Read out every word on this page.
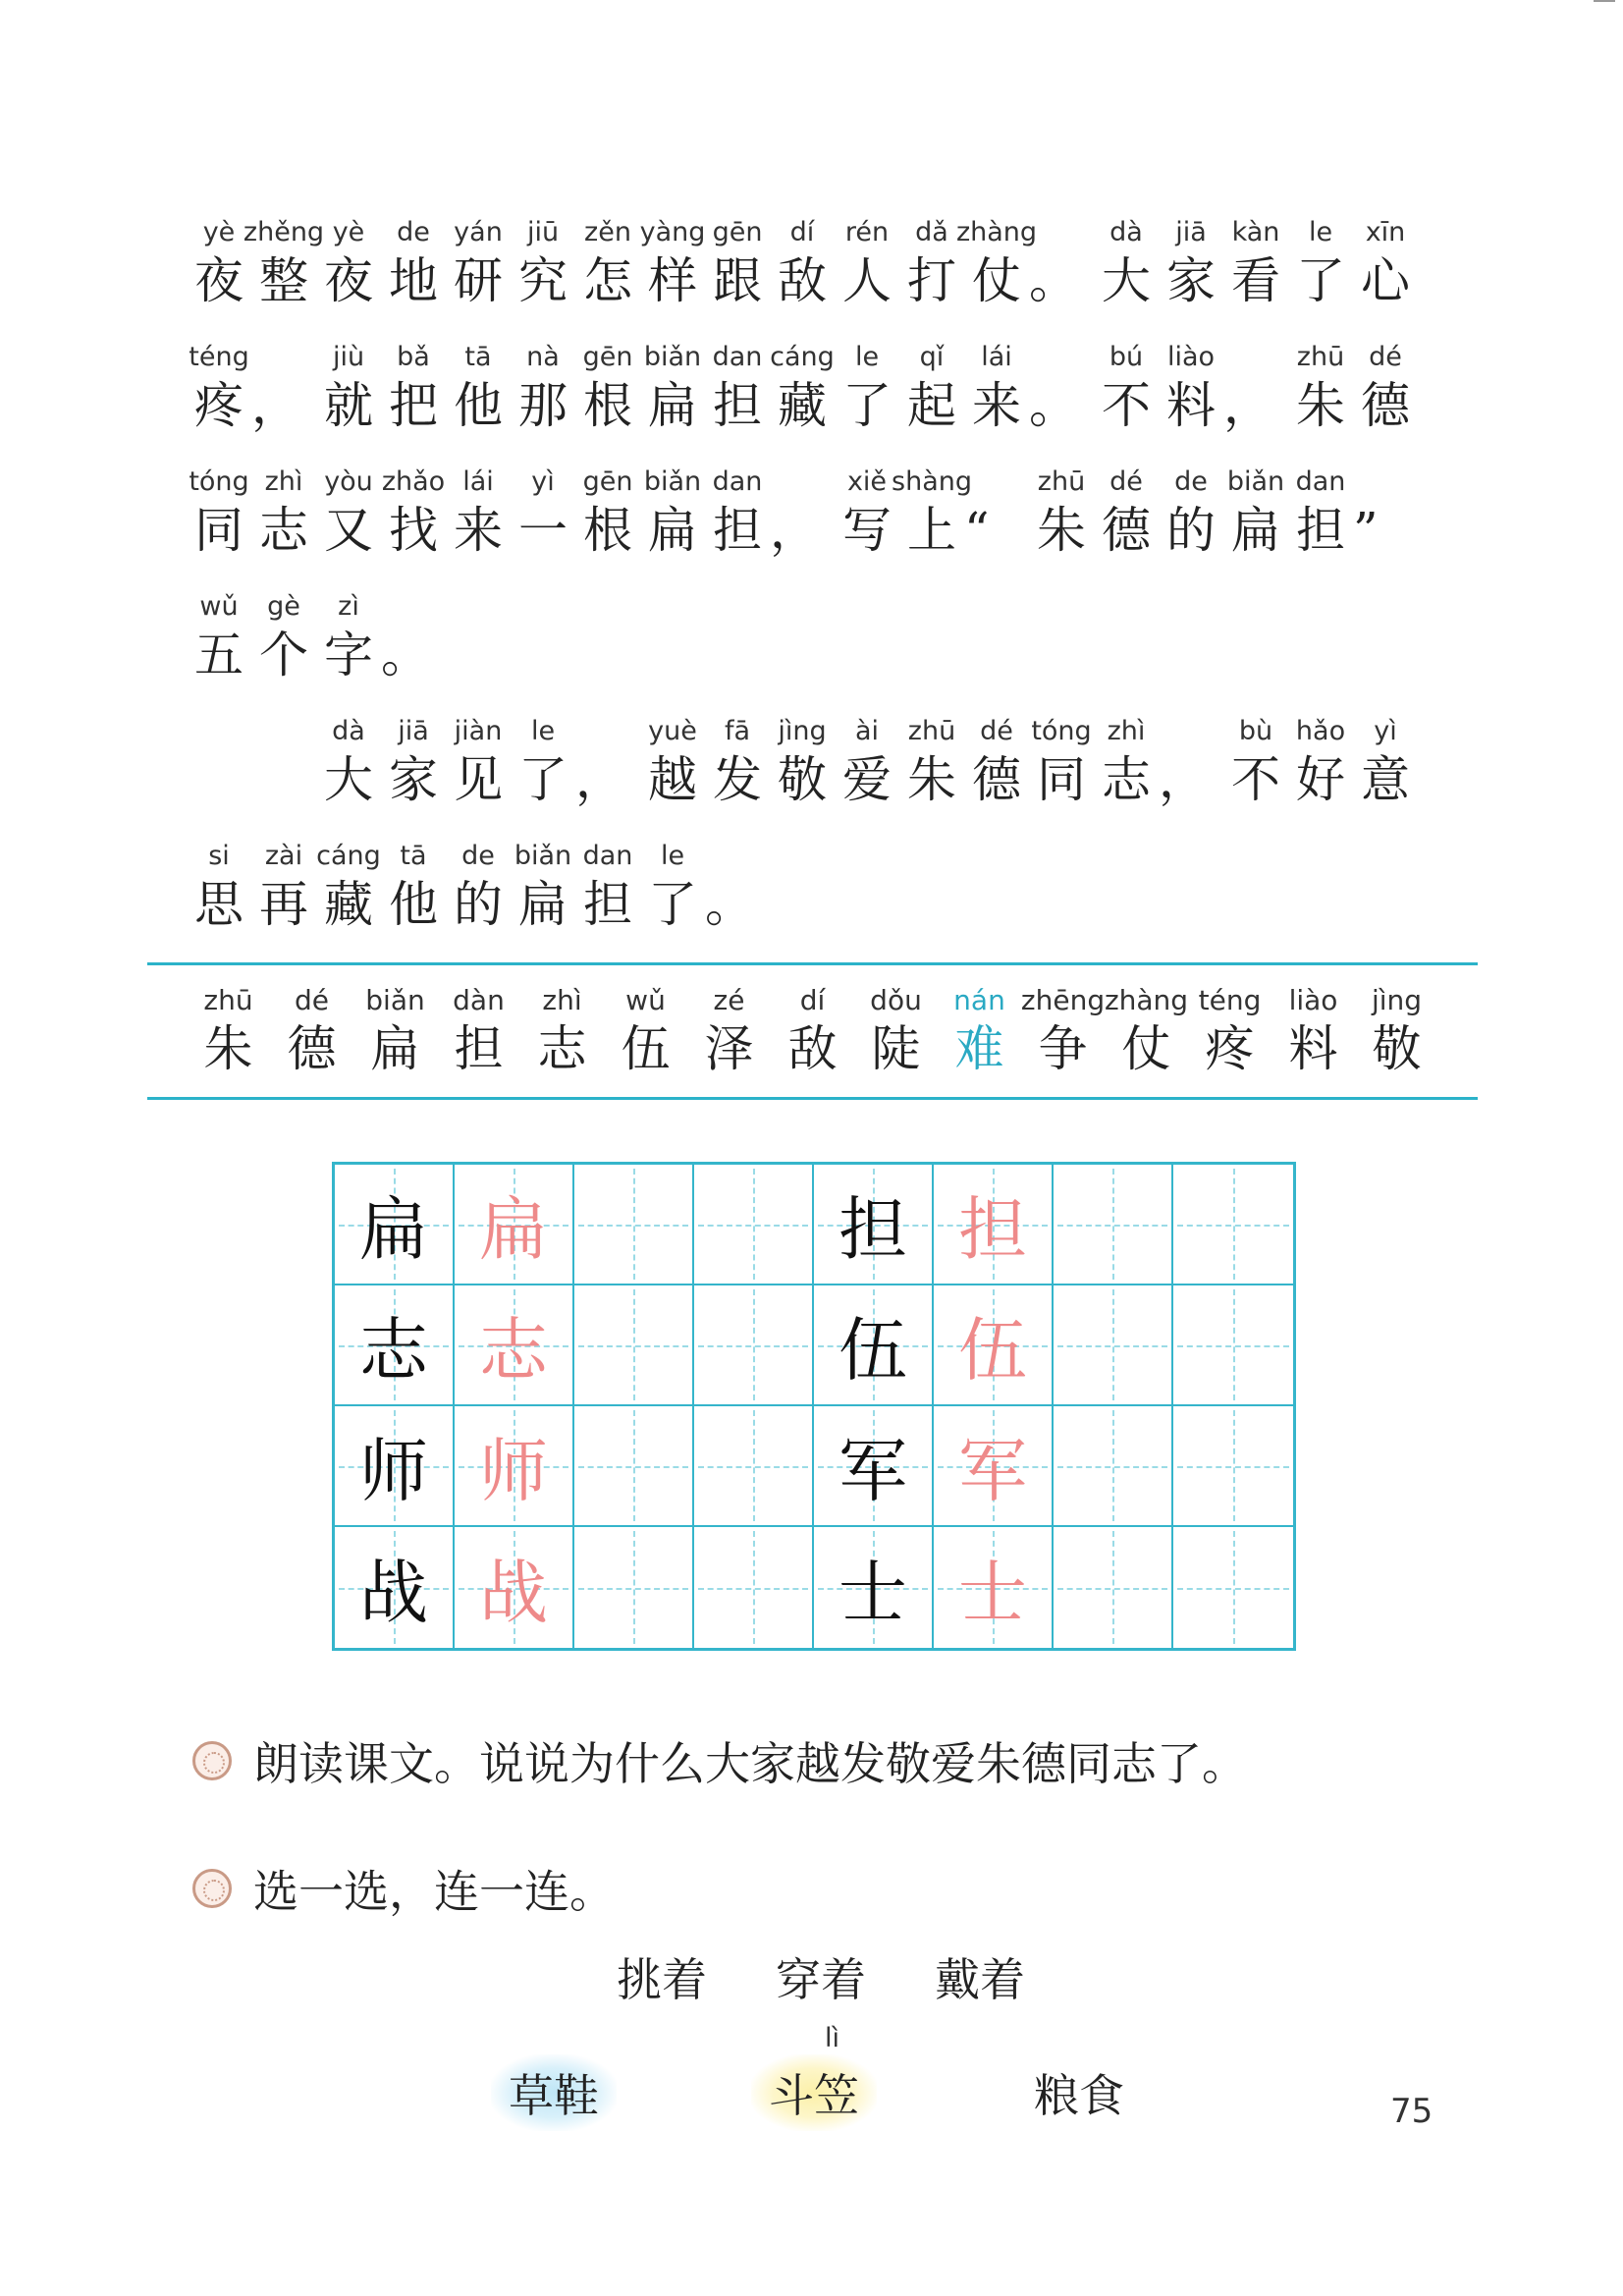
yè
夜
zhěng
整
yè
夜
de
地
yán
研
jiū
究
zěn
怎
yàng
样
gēn
跟
dí
敌
rén
人
dǎ
打
zhàng
仗 。
dà
大
jiā
家
kàn
看
le
了
xīn
心
téng
疼 ，
jiù
就
bǎ
把
tā
他
nà
那
gēn
根
biǎn
扁
dan
担
cáng
藏
le
了
qǐ
起
lái
来 。
bú
不
liào
料 ，
zhū
朱
dé
德
tóng
同
zhì
志
yòu
又
zhǎo
找
lái
来
yì
一
gēn
根
biǎn
扁
dan
担 ，
xiě
写
shàng
上 “
zhū
朱
dé
德
de
的
biǎn
扁
dan
担 ”
wǔ
五
gè
个
zì
字 。
dà
大
jiā
家
jiàn
见
le
了 ，
yuè
越
fā
发
jìng
敬
ài
爱
zhū
朱
dé
德
tóng
同
zhì
志 ，
bù
不
hǎo
好
yì
意
si
思
zài
再
cáng
藏
tā
他
de
的
biǎn
扁
dan
担
le
了 。
zhū
朱
dé
德
biǎn
扁
dàn
担
zhì
志
wǔ
伍
zé
泽
dí
敌
dǒu
陡
nán
难
zhēng
争
zhàng
仗
téng
疼
liào
料
jìng
敬
扁 扁	担 担
志 志	伍 伍
师 师	军 军
战 战	士 士
朗读课文。说说为什么大家越发敬爱朱德同志了。
选一选，连一连。
挑着 穿着 戴着
lì
草鞋	斗笠	粮食	75
